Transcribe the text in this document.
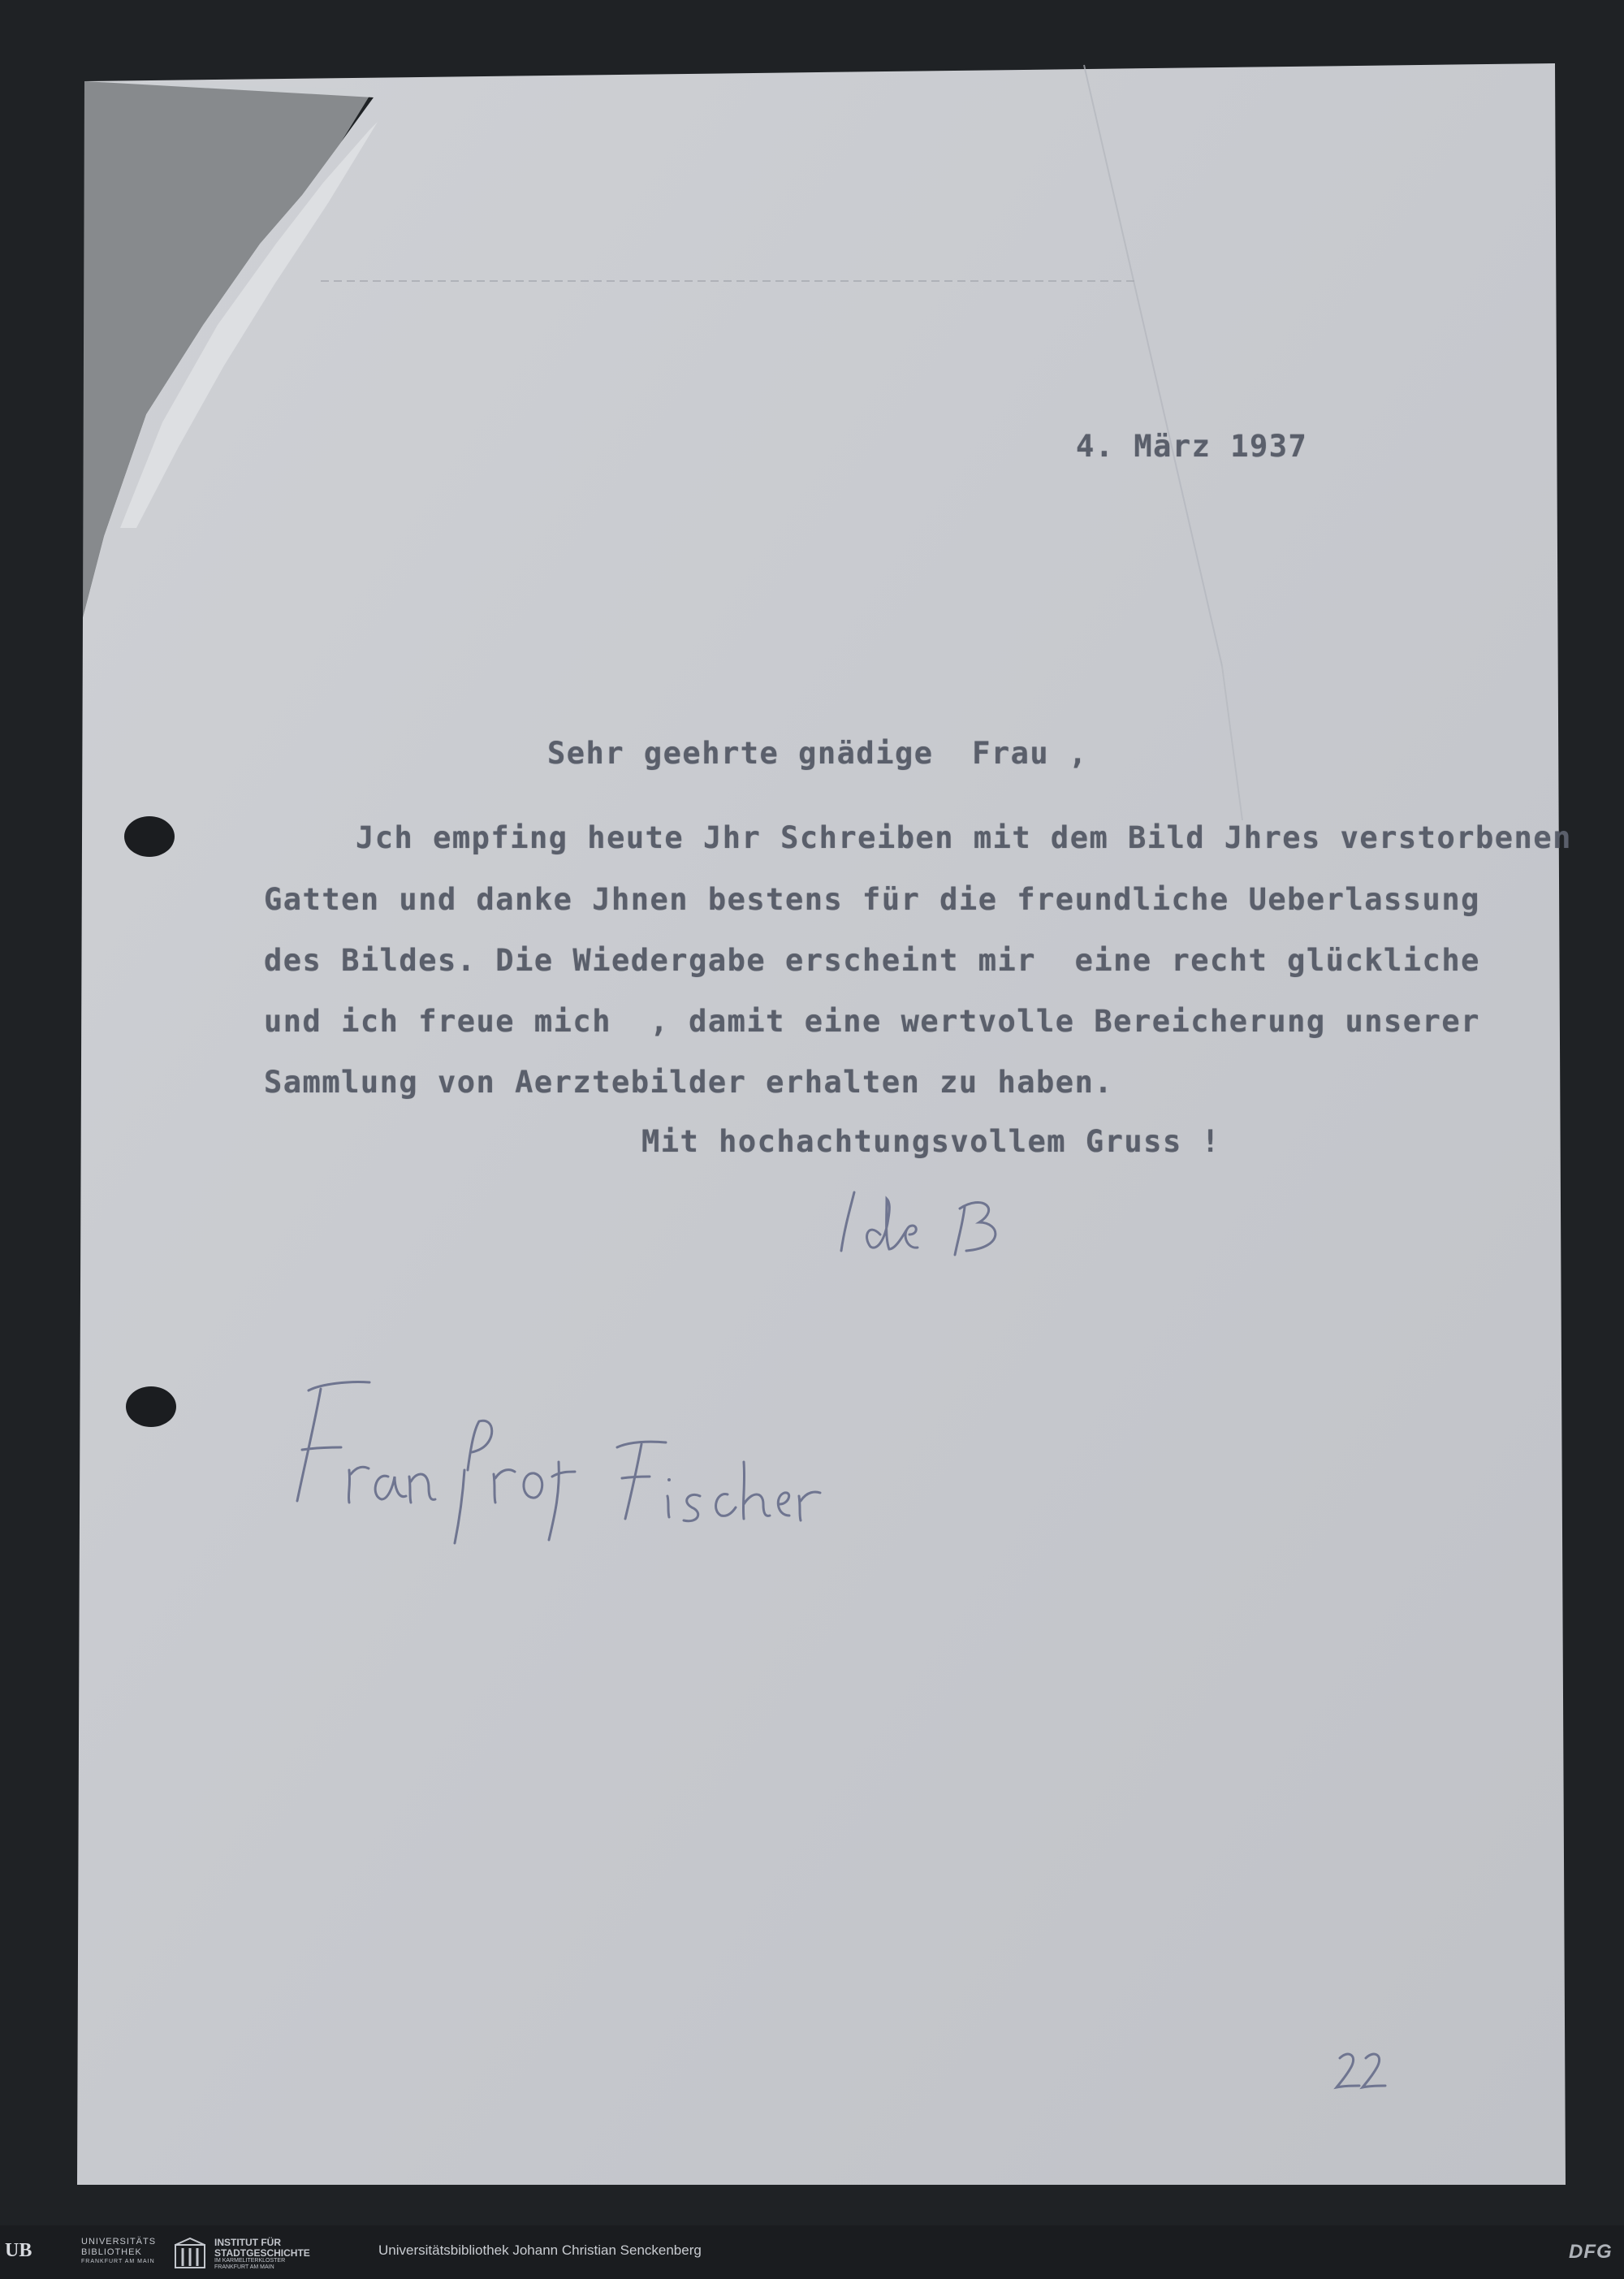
4. März 1937

Sehr geehrte gnädige  Frau ,

Jch empfing heute Jhr Schreiben mit dem Bild Jhres verstorbenen

Gatten und danke Jhnen bestens für die freundliche Ueberlassung

des Bildes. Die Wiedergabe erscheint mir  eine recht glückliche

und ich freue mich  , damit eine wertvolle Bereicherung unserer

Sammlung von Aerztebilder erhalten zu haben.

Mit hochachtungsvollem Gruss !

UB	UNIVERSITÄTS
BIBLIOTHEK
FRANKFURT AM MAIN
INSTITUT FÜR
STADTGESCHICHTE
IM KARMELITERKLOSTER
FRANKFURT AM MAIN
Universitätsbibliothek Johann Christian Senckenberg	DFG
